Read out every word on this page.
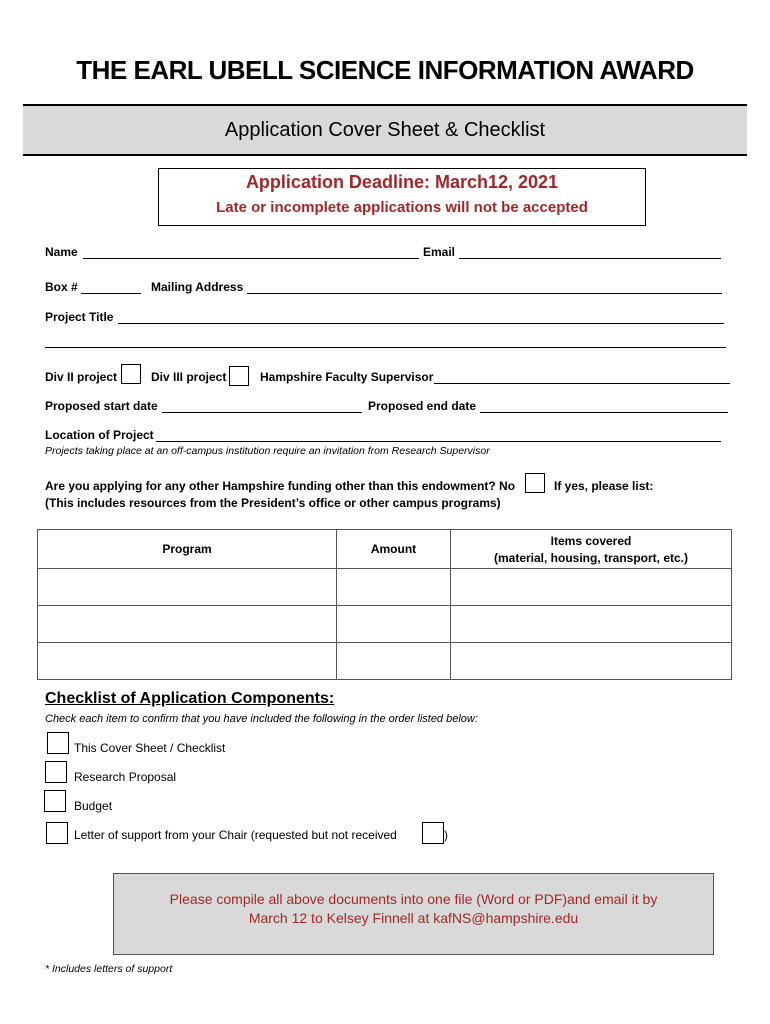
THE EARL UBELL SCIENCE INFORMATION AWARD
Application Cover Sheet & Checklist
Application Deadline: March12, 2021
Late or incomplete applications will not be accepted
Name	Email
Box #	Mailing Address
Project Title
Div II project	Div III project	Hampshire Faculty Supervisor
Proposed start date	Proposed end date
Location of Project
Projects taking place at an off-campus institution require an invitation from Research Supervisor
Are you applying for any other Hampshire funding other than this endowment? No	If yes, please list:
(This includes resources from the President’s office or other campus programs)
Program	Amount	Items covered
(material, housing, transport, etc.)

Checklist of Application Components:
Check each item to confirm that you have included the following in the order listed below:
This Cover Sheet / Checklist
Research Proposal
Budget
Letter of support from your Chair (requested but not received	)
Please compile all above documents into one file (Word or PDF)and email it by
March 12 to Kelsey Finnell at kafNS@hampshire.edu
* Includes letters of support
